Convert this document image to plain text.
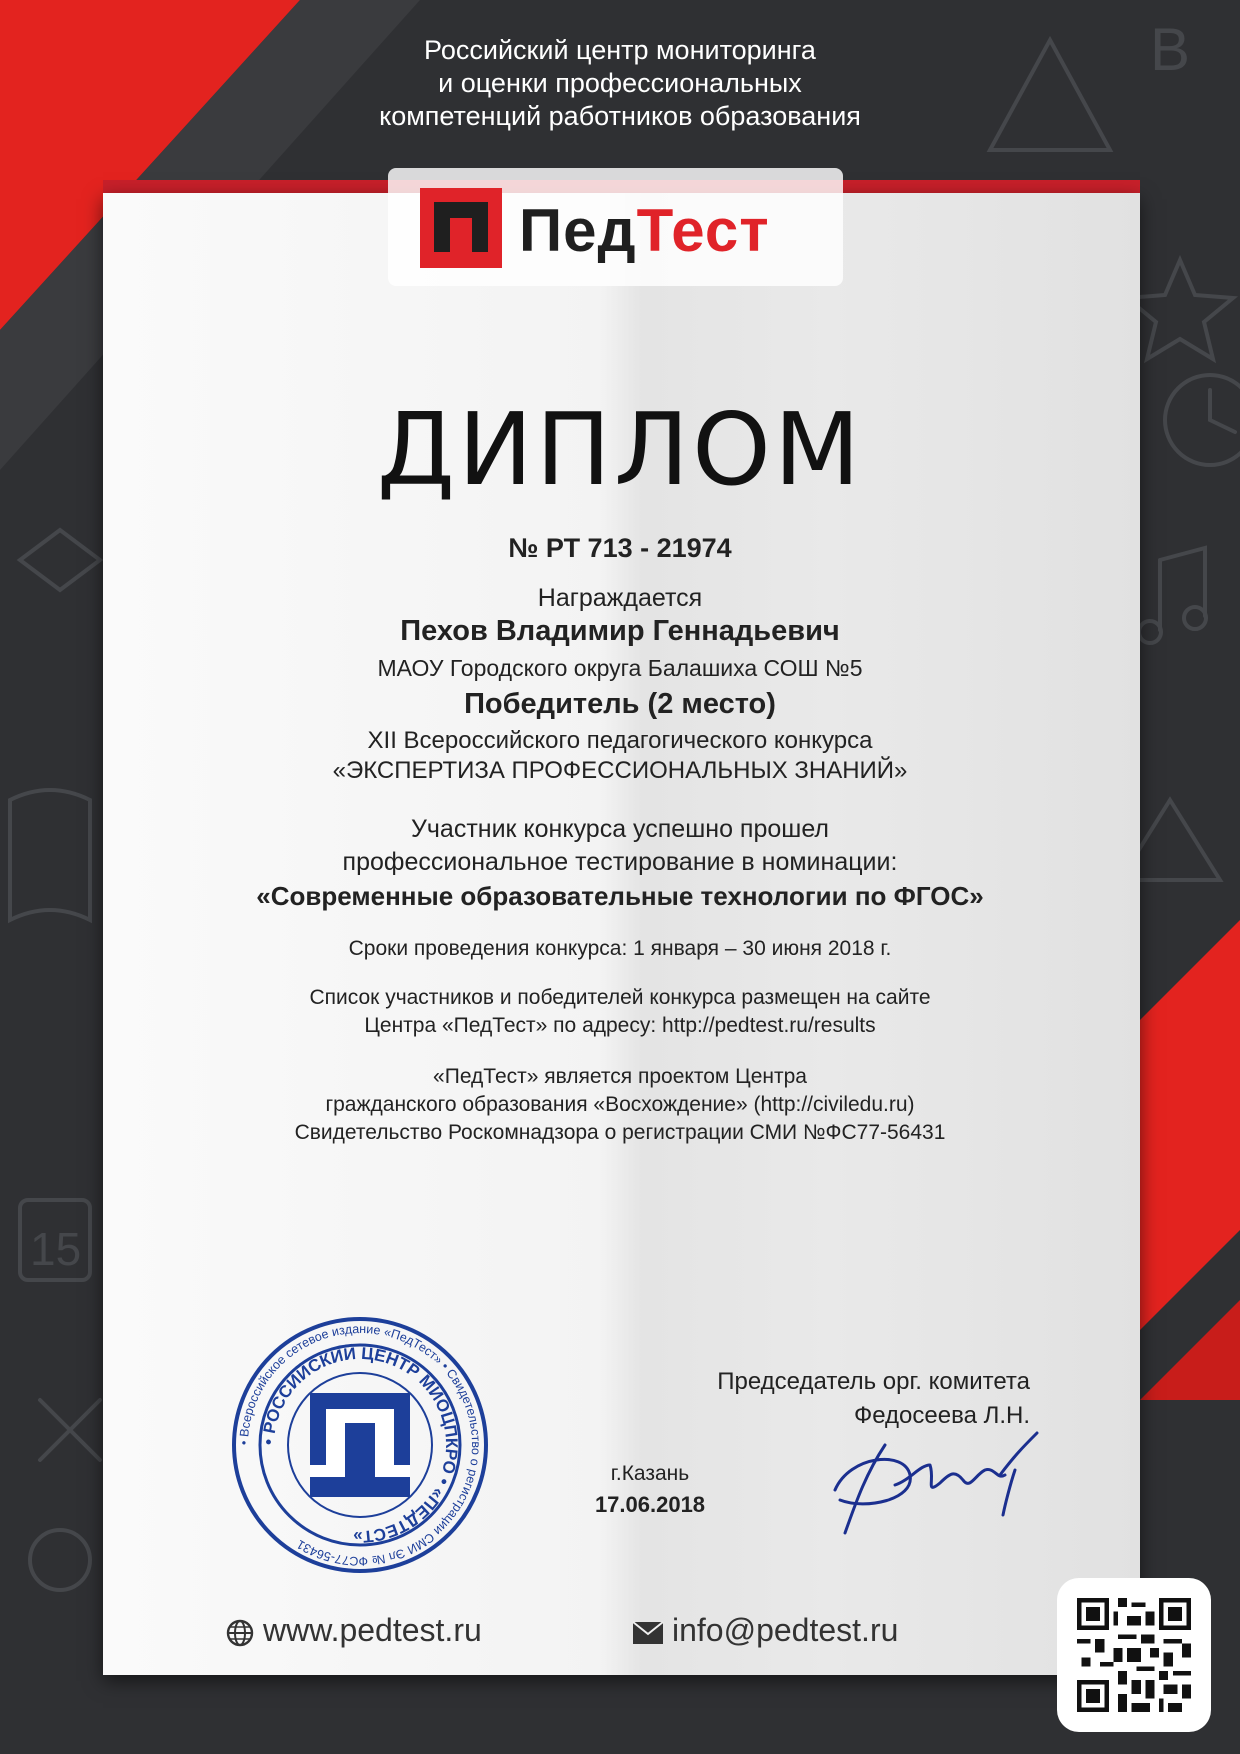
B
15
Российский центр мониторинга
и оценки профессиональных
компетенций работников образования
ПедТест
ДИПЛОМ
№ РТ 713 - 21974
Награждается
Пехов Владимир Геннадьевич
МАОУ Городского округа Балашиха СОШ №5
Победитель (2 место)
XII Всероссийского педагогического конкурса
«ЭКСПЕРТИЗА ПРОФЕССИОНАЛЬНЫХ ЗНАНИЙ»
Участник конкурса успешно прошел
профессиональное тестирование в номинации:
«Современные образовательные технологии по ФГОС»
Сроки проведения конкурса: 1 января – 30 июня 2018 г.
Список участников и победителей конкурса размещен на сайте
Центра «ПедТест» по адресу: http://pedtest.ru/results
«ПедТест» является проектом Центра
гражданского образования «Восхождение» (http://civiledu.ru)
Свидетельство Роскомнадзора о регистрации СМИ №ФС77-56431
• Всероссийское сетевое издание «ПедТест» • Свидетельство о регистрации СМИ Эл № ФС77-56431
• РОССИЙСКИЙ ЦЕНТР МИОЦПКРО • «ПЕДТЕСТ»
г.Казань
17.06.2018
Председатель орг. комитета
Федосеева Л.Н.
www.pedtest.ru	info@pedtest.ru
